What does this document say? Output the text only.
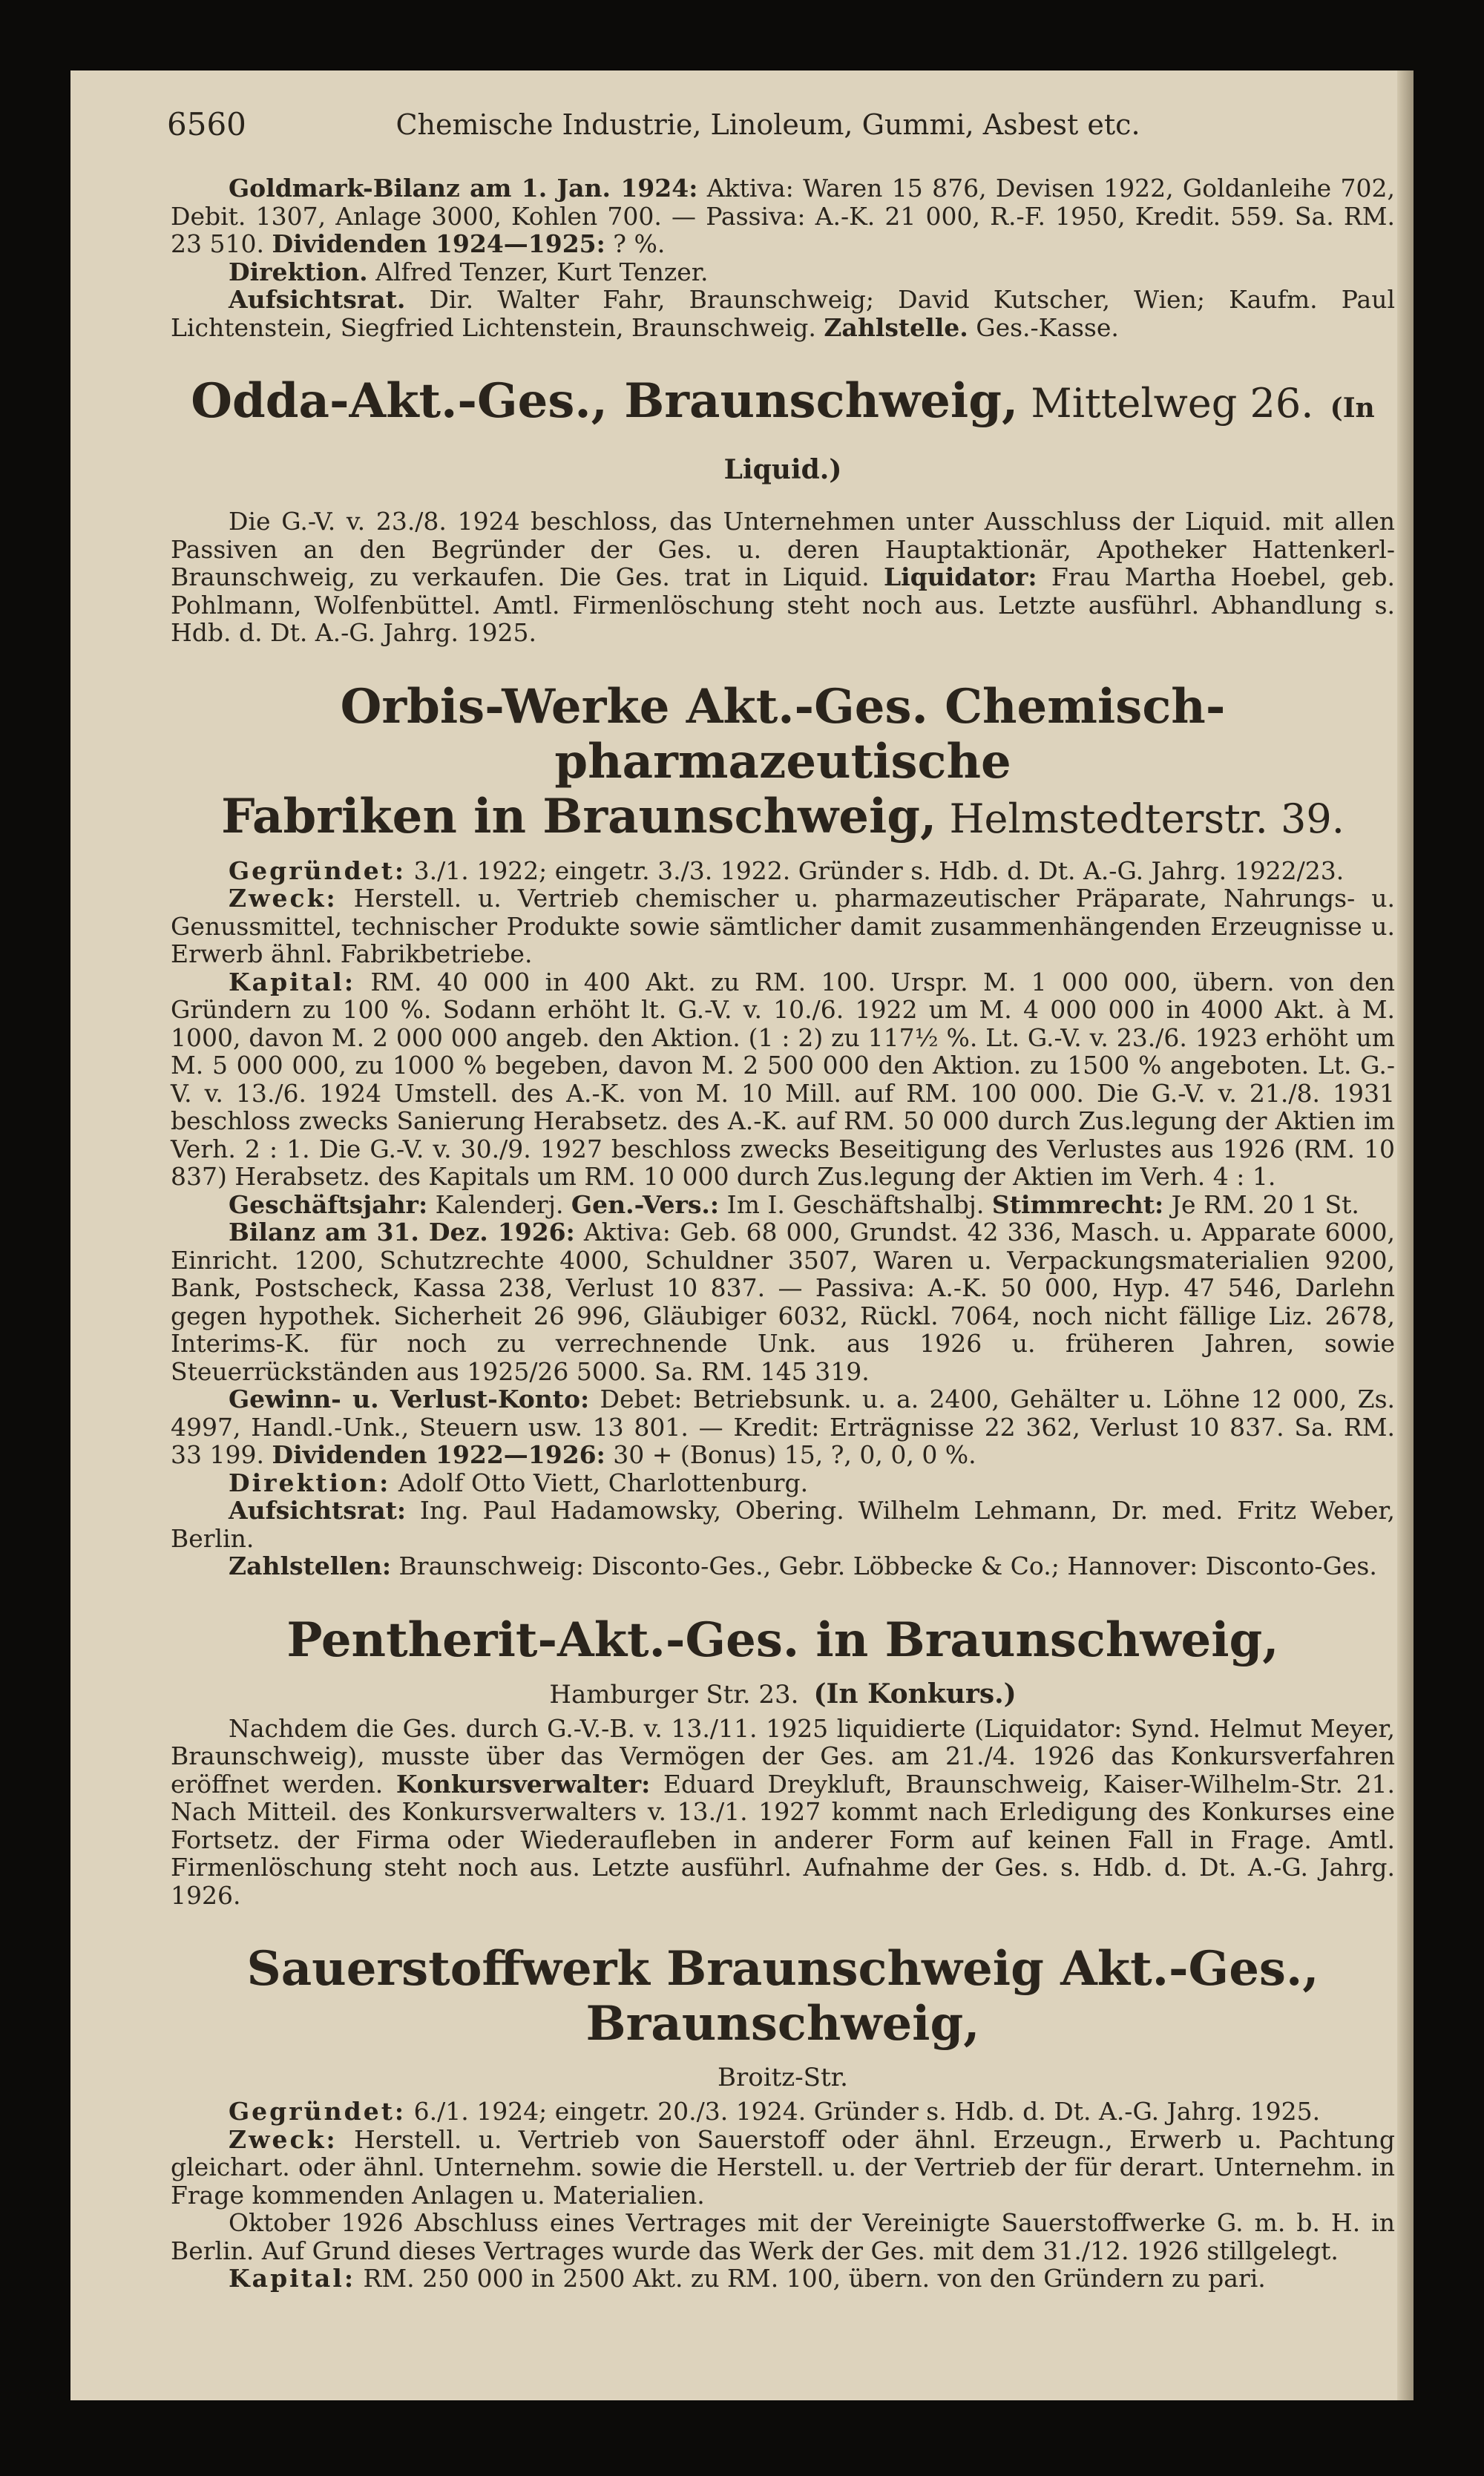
6560	Chemische Industrie, Linoleum, Gummi, Asbest etc.

Goldmark-Bilanz am 1. Jan. 1924: Aktiva: Waren 15 876, Devisen 1922, Goldanleihe 702, Debit. 1307, Anlage 3000, Kohlen 700. — Passiva: A.-K. 21 000, R.-F. 1950, Kredit. 559. Sa. RM. 23 510. Dividenden 1924—1925: ? %.

Direktion. Alfred Tenzer, Kurt Tenzer.

Aufsichtsrat. Dir. Walter Fahr, Braunschweig; David Kutscher, Wien; Kaufm. Paul Lichtenstein, Siegfried Lichtenstein, Braunschweig. Zahlstelle. Ges.-Kasse.

Odda-Akt.-Ges., Braunschweig, Mittelweg 26. (In Liquid.)

Die G.-V. v. 23./8. 1924 beschloss, das Unternehmen unter Ausschluss der Liquid. mit allen Passiven an den Begründer der Ges. u. deren Hauptaktionär, Apotheker Hattenkerl-Braunschweig, zu verkaufen. Die Ges. trat in Liquid. Liquidator: Frau Martha Hoebel, geb. Pohlmann, Wolfenbüttel. Amtl. Firmenlöschung steht noch aus. Letzte ausführl. Abhandlung s. Hdb. d. Dt. A.-G. Jahrg. 1925.

Orbis-Werke Akt.-Ges. Chemisch-pharmazeutische
Fabriken in Braunschweig, Helmstedterstr. 39.

Gegründet: 3./1. 1922; eingetr. 3./3. 1922. Gründer s. Hdb. d. Dt. A.-G. Jahrg. 1922/23.

Zweck: Herstell. u. Vertrieb chemischer u. pharmazeutischer Präparate, Nahrungs- u. Genussmittel, technischer Produkte sowie sämtlicher damit zusammenhängenden Erzeugnisse u. Erwerb ähnl. Fabrikbetriebe.

Kapital: RM. 40 000 in 400 Akt. zu RM. 100. Urspr. M. 1 000 000, übern. von den Gründern zu 100 %. Sodann erhöht lt. G.-V. v. 10./6. 1922 um M. 4 000 000 in 4000 Akt. à M. 1000, davon M. 2 000 000 angeb. den Aktion. (1 : 2) zu 117½ %. Lt. G.-V. v. 23./6. 1923 erhöht um M. 5 000 000, zu 1000 % begeben, davon M. 2 500 000 den Aktion. zu 1500 % angeboten. Lt. G.-V. v. 13./6. 1924 Umstell. des A.-K. von M. 10 Mill. auf RM. 100 000. Die G.-V. v. 21./8. 1931 beschloss zwecks Sanierung Herabsetz. des A.-K. auf RM. 50 000 durch Zus.legung der Aktien im Verh. 2 : 1. Die G.-V. v. 30./9. 1927 beschloss zwecks Beseitigung des Verlustes aus 1926 (RM. 10 837) Herabsetz. des Kapitals um RM. 10 000 durch Zus.legung der Aktien im Verh. 4 : 1.

Geschäftsjahr: Kalenderj. Gen.-Vers.: Im I. Geschäftshalbj. Stimmrecht: Je RM. 20 1 St.

Bilanz am 31. Dez. 1926: Aktiva: Geb. 68 000, Grundst. 42 336, Masch. u. Apparate 6000, Einricht. 1200, Schutzrechte 4000, Schuldner 3507, Waren u. Verpackungsmaterialien 9200, Bank, Postscheck, Kassa 238, Verlust 10 837. — Passiva: A.-K. 50 000, Hyp. 47 546, Darlehn gegen hypothek. Sicherheit 26 996, Gläubiger 6032, Rückl. 7064, noch nicht fällige Liz. 2678, Interims-K. für noch zu verrechnende Unk. aus 1926 u. früheren Jahren, sowie Steuerrückständen aus 1925/26 5000. Sa. RM. 145 319.

Gewinn- u. Verlust-Konto: Debet: Betriebsunk. u. a. 2400, Gehälter u. Löhne 12 000, Zs. 4997, Handl.-Unk., Steuern usw. 13 801. — Kredit: Erträgnisse 22 362, Verlust 10 837. Sa. RM. 33 199. Dividenden 1922—1926: 30 + (Bonus) 15, ?, 0, 0, 0 %.

Direktion: Adolf Otto Viett, Charlottenburg.

Aufsichtsrat: Ing. Paul Hadamowsky, Obering. Wilhelm Lehmann, Dr. med. Fritz Weber, Berlin.

Zahlstellen: Braunschweig: Disconto-Ges., Gebr. Löbbecke & Co.; Hannover: Disconto-Ges.

Pentherit-Akt.-Ges. in Braunschweig,
Hamburger Str. 23. (In Konkurs.)

Nachdem die Ges. durch G.-V.-B. v. 13./11. 1925 liquidierte (Liquidator: Synd. Helmut Meyer, Braunschweig), musste über das Vermögen der Ges. am 21./4. 1926 das Konkursverfahren eröffnet werden. Konkursverwalter: Eduard Dreykluft, Braunschweig, Kaiser-Wilhelm-Str. 21. Nach Mitteil. des Konkursverwalters v. 13./1. 1927 kommt nach Erledigung des Konkurses eine Fortsetz. der Firma oder Wiederaufleben in anderer Form auf keinen Fall in Frage. Amtl. Firmenlöschung steht noch aus. Letzte ausführl. Aufnahme der Ges. s. Hdb. d. Dt. A.-G. Jahrg. 1926.

Sauerstoffwerk Braunschweig Akt.-Ges., Braunschweig,
Broitz-Str.

Gegründet: 6./1. 1924; eingetr. 20./3. 1924. Gründer s. Hdb. d. Dt. A.-G. Jahrg. 1925.

Zweck: Herstell. u. Vertrieb von Sauerstoff oder ähnl. Erzeugn., Erwerb u. Pachtung gleichart. oder ähnl. Unternehm. sowie die Herstell. u. der Vertrieb der für derart. Unternehm. in Frage kommenden Anlagen u. Materialien.

Oktober 1926 Abschluss eines Vertrages mit der Vereinigte Sauerstoffwerke G. m. b. H. in Berlin. Auf Grund dieses Vertrages wurde das Werk der Ges. mit dem 31./12. 1926 stillgelegt.

Kapital: RM. 250 000 in 2500 Akt. zu RM. 100, übern. von den Gründern zu pari.
